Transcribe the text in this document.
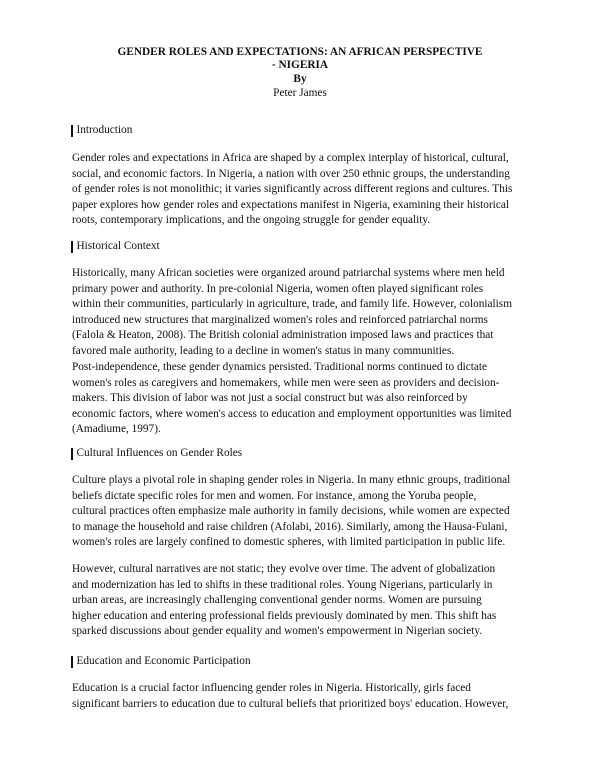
GENDER ROLES AND EXPECTATIONS: AN AFRICAN PERSPECTIVE
- NIGERIA
By
Peter James
Introduction

Gender roles and expectations in Africa are shaped by a complex interplay of historical, cultural,
social, and economic factors. In Nigeria, a nation with over 250 ethnic groups, the understanding
of gender roles is not monolithic; it varies significantly across different regions and cultures. This
paper explores how gender roles and expectations manifest in Nigeria, examining their historical
roots, contemporary implications, and the ongoing struggle for gender equality.

Historical Context

Historically, many African societies were organized around patriarchal systems where men held
primary power and authority. In pre-colonial Nigeria, women often played significant roles
within their communities, particularly in agriculture, trade, and family life. However, colonialism
introduced new structures that marginalized women's roles and reinforced patriarchal norms
(Falola & Heaton, 2008). The British colonial administration imposed laws and practices that
favored male authority, leading to a decline in women's status in many communities.

Post-independence, these gender dynamics persisted. Traditional norms continued to dictate
women's roles as caregivers and homemakers, while men were seen as providers and decision-
makers. This division of labor was not just a social construct but was also reinforced by
economic factors, where women's access to education and employment opportunities was limited
(Amadiume, 1997).

Cultural Influences on Gender Roles

Culture plays a pivotal role in shaping gender roles in Nigeria. In many ethnic groups, traditional
beliefs dictate specific roles for men and women. For instance, among the Yoruba people,
cultural practices often emphasize male authority in family decisions, while women are expected
to manage the household and raise children (Afolabi, 2016). Similarly, among the Hausa-Fulani,
women's roles are largely confined to domestic spheres, with limited participation in public life.

However, cultural narratives are not static; they evolve over time. The advent of globalization
and modernization has led to shifts in these traditional roles. Young Nigerians, particularly in
urban areas, are increasingly challenging conventional gender norms. Women are pursuing
higher education and entering professional fields previously dominated by men. This shift has
sparked discussions about gender equality and women's empowerment in Nigerian society.

Education and Economic Participation

Education is a crucial factor influencing gender roles in Nigeria. Historically, girls faced
significant barriers to education due to cultural beliefs that prioritized boys' education. However,
